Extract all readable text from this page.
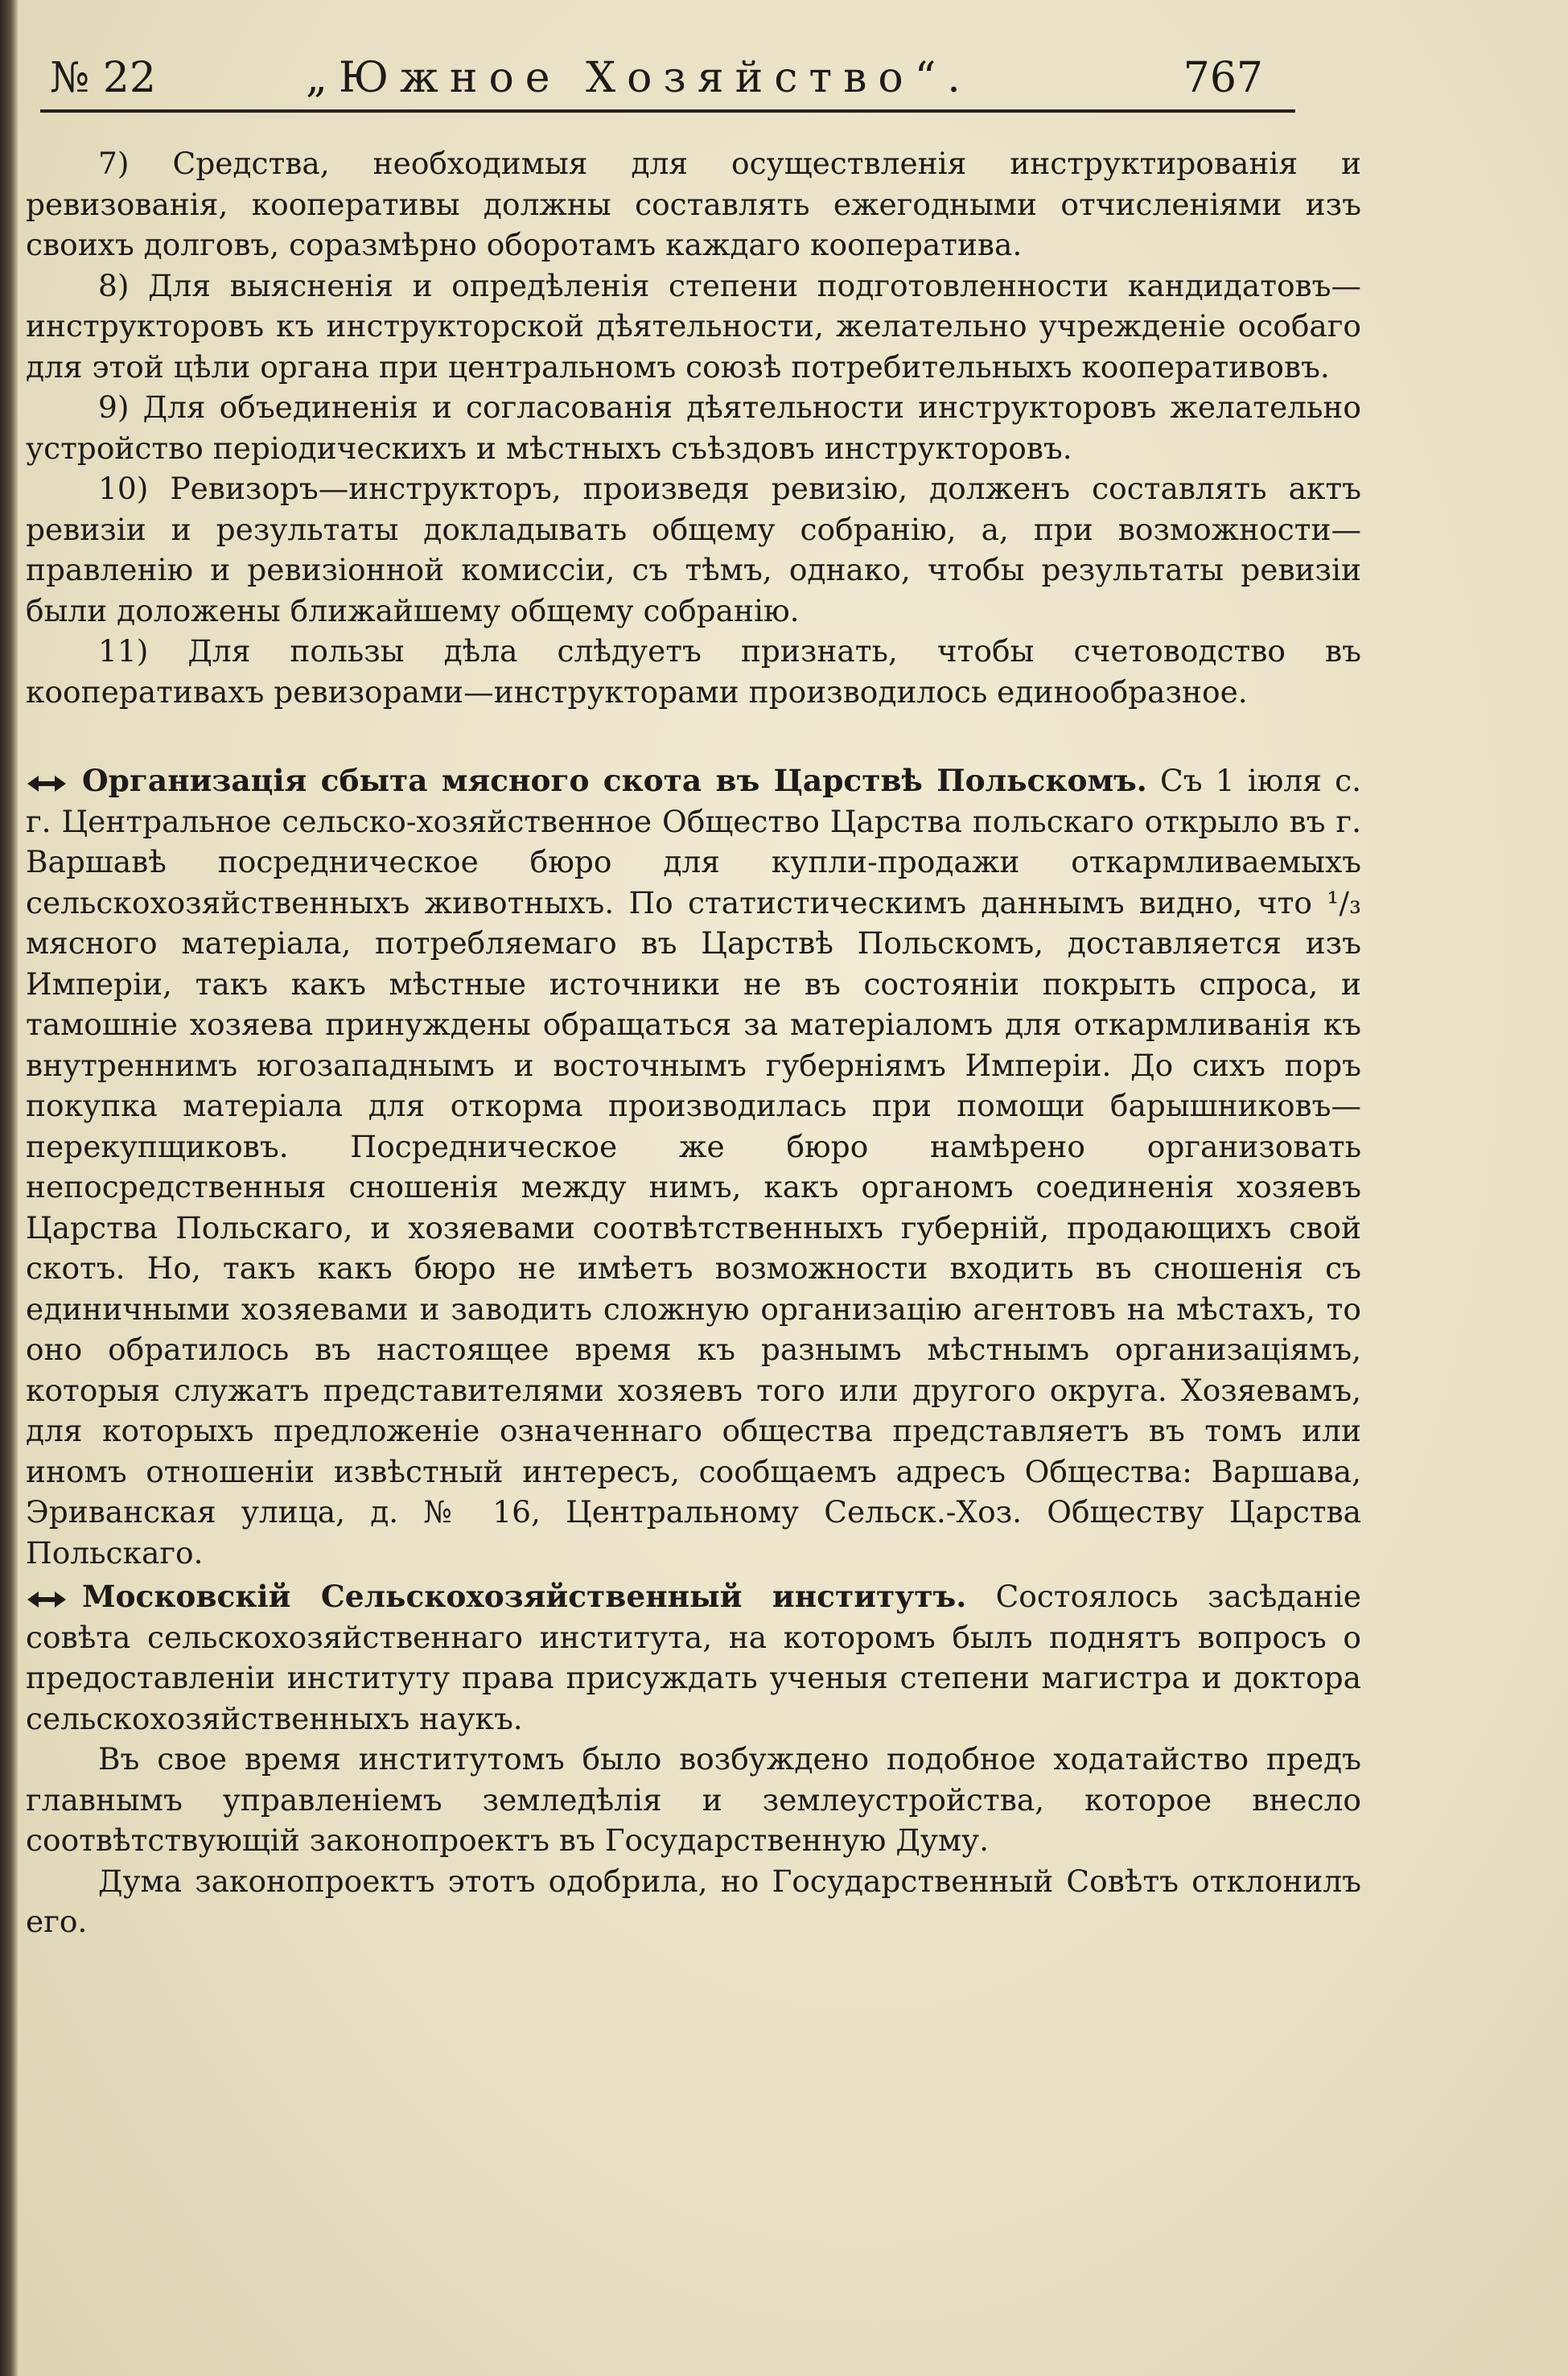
№ 22	„Южное Хозяйство“.	767

7) Средства, необходимыя для осуществленія инструктированія и ревизованія, кооперативы должны составлять ежегодными отчисленіями изъ своихъ долговъ, соразмѣрно оборотамъ каждаго кооператива.

8) Для выясненія и опредѣленія степени подготовленности кандидатовъ—инструкторовъ къ инструкторской дѣятельности, желательно учрежденіе особаго для этой цѣли органа при центральномъ союзѣ потребительныхъ кооперативовъ.

9) Для объединенія и согласованія дѣятельности инструкторовъ желательно устройство періодическихъ и мѣстныхъ съѣздовъ инструкторовъ.

10) Ревизоръ—инструкторъ, произведя ревизію, долженъ составлять актъ ревизіи и результаты докладывать общему собранію, а, при возможности—правленію и ревизіонной комиссіи, съ тѣмъ, однако, чтобы результаты ревизіи были доложены ближайшему общему собранію.

11) Для пользы дѣла слѣдуетъ признать, чтобы счетоводство въ кооперативахъ ревизорами—инструкторами производилось единообразное.

Организація сбыта мясного скота въ Царствѣ Польскомъ. Съ 1 іюля с. г. Центральное сельско-хозяйственное Общество Царства польскаго открыло въ г. Варшавѣ посредническое бюро для купли-продажи откармливаемыхъ сельскохозяйственныхъ животныхъ. По статистическимъ даннымъ видно, что ¹/₃ мясного матеріала, потребляемаго въ Царствѣ Польскомъ, доставляется изъ Имперіи, такъ какъ мѣстные источники не въ состояніи покрыть спроса, и тамошніе хозяева принуждены обращаться за матеріаломъ для откармливанія къ внутреннимъ югозападнымъ и восточнымъ губерніямъ Имперіи. До сихъ поръ покупка матеріала для откорма производилась при помощи барышниковъ—перекупщиковъ. Посредническое же бюро намѣрено организовать непосредственныя сношенія между нимъ, какъ органомъ соединенія хозяевъ Царства Польскаго, и хозяевами соотвѣтственныхъ губерній, продающихъ свой скотъ. Но, такъ какъ бюро не имѣетъ возможности входить въ сношенія съ единичными хозяевами и заводить сложную организацію агентовъ на мѣстахъ, то оно обратилось въ настоящее время къ разнымъ мѣстнымъ организаціямъ, которыя служатъ представителями хозяевъ того или другого округа. Хозяевамъ, для которыхъ предложеніе означеннаго общества представляетъ въ томъ или иномъ отношеніи извѣстный интересъ, сообщаемъ адресъ Общества: Варшава, Эриванская улица, д. № 16, Центральному Сельск.-Хоз. Обществу Царства Польскаго.

Московскій Сельскохозяйственный институтъ. Состоялось засѣданіе совѣта сельскохозяйственнаго института, на которомъ былъ поднятъ вопросъ о предоставленіи институту права присуждать ученыя степени магистра и доктора сельскохозяйственныхъ наукъ.

Въ свое время институтомъ было возбуждено подобное ходатайство предъ главнымъ управленіемъ земледѣлія и землеустройства, которое внесло соотвѣтствующій законопроектъ въ Государственную Думу.

Дума законопроектъ этотъ одобрила, но Государственный Совѣтъ отклонилъ его.
